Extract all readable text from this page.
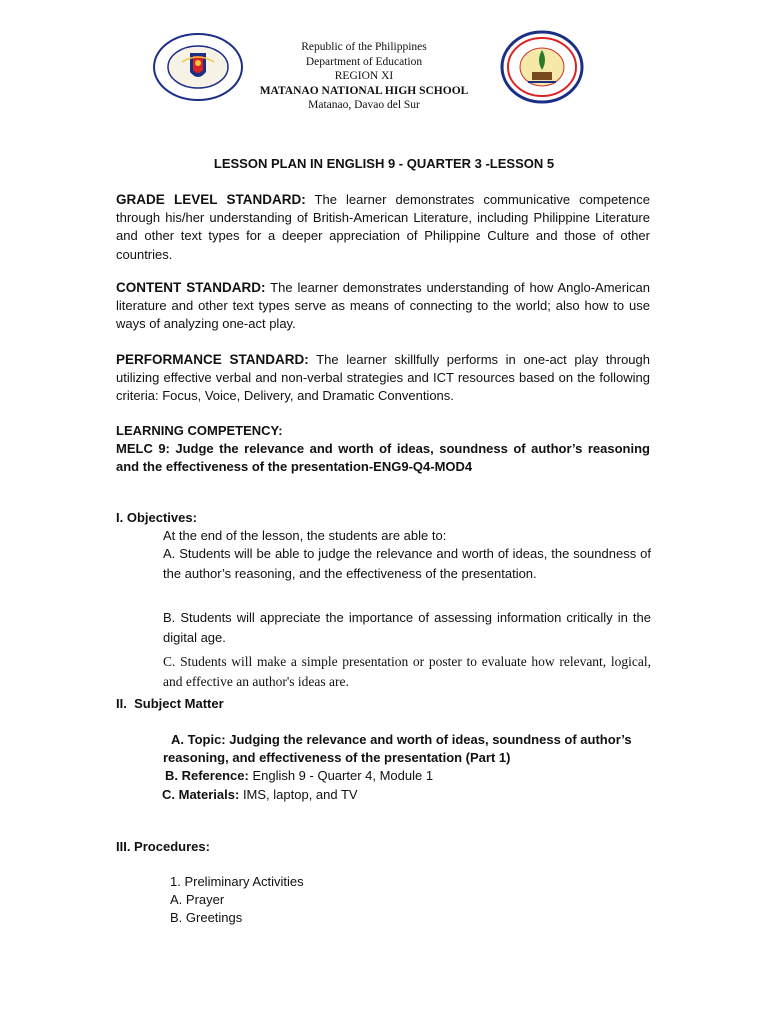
Republic of the Philippines
Department of Education
REGION XI
MATANAO NATIONAL HIGH SCHOOL
Matanao, Davao del Sur
LESSON PLAN IN ENGLISH 9 - QUARTER 3 -LESSON 5
GRADE LEVEL STANDARD: The learner demonstrates communicative competence through his/her understanding of British-American Literature, including Philippine Literature and other text types for a deeper appreciation of Philippine Culture and those of other countries.
CONTENT STANDARD: The learner demonstrates understanding of how Anglo-American literature and other text types serve as means of connecting to the world; also how to use ways of analyzing one-act play.
PERFORMANCE STANDARD: The learner skillfully performs in one-act play through utilizing effective verbal and non-verbal strategies and ICT resources based on the following criteria: Focus, Voice, Delivery, and Dramatic Conventions.
LEARNING COMPETENCY:
MELC 9: Judge the relevance and worth of ideas, soundness of author’s reasoning and the effectiveness of the presentation-ENG9-Q4-MOD4
I. Objectives:
At the end of the lesson, the students are able to:
A. Students will be able to judge the relevance and worth of ideas, the soundness of the author’s reasoning, and the effectiveness of the presentation.
B. Students will appreciate the importance of assessing information critically in the digital age.
C. Students will make a simple presentation or poster to evaluate how relevant, logical, and effective an author's ideas are.
II. Subject Matter
A. Topic: Judging the relevance and worth of ideas, soundness of author’s reasoning, and effectiveness of the presentation (Part 1)
B. Reference: English 9 - Quarter 4, Module 1
C. Materials: IMS, laptop, and TV
III. Procedures:
1. Preliminary Activities
A. Prayer
B. Greetings
